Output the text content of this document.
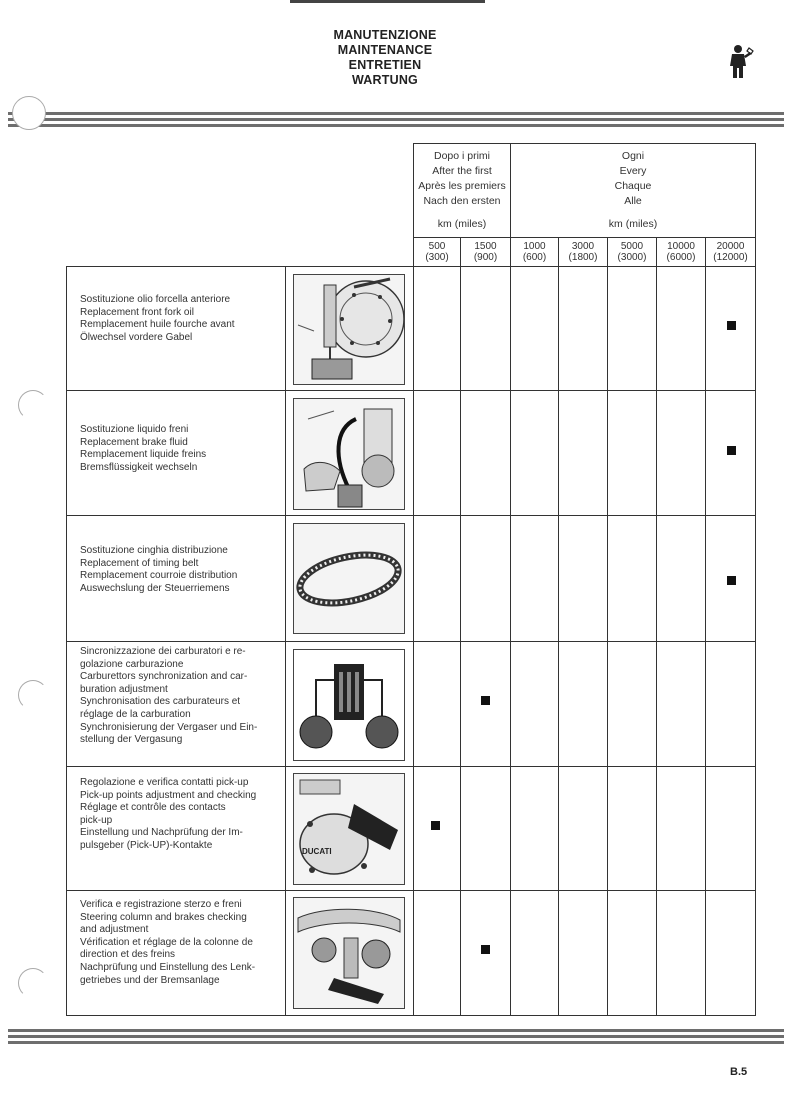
MANUTENZIONE
MAINTENANCE
ENTRETIEN
WARTUNG
Dopo i primi
After the first
Après les premiers
Nach den ersten
km (miles)
Ogni
Every
Chaque
Alle
km (miles)
500
(300)
1500
(900)
1000
(600)
3000
(1800)
5000
(3000)
10000
(6000)
20000
(12000)

Sostituzione olio forcella anteriore

Replacement front fork oil

Remplacement huile fourche avant

Ölwechsel vordere Gabel

Sostituzione liquido freni

Replacement brake fluid

Remplacement liquide freins

Bremsflüssigkeit wechseln

Sostituzione cinghia distribuzione

Replacement of timing belt

Remplacement courroie distribution

Auswechslung der Steuerriemens

Sincronizzazione dei carburatori e re-

golazione carburazione

Carburettors synchronization and car-

buration adjustment

Synchronisation des carburateurs et

réglage de la carburation

Synchronisierung der Vergaser und Ein-

stellung der Vergasung

Regolazione e verifica contatti pick-up

Pick-up points adjustment and checking

Réglage et contrôle des contacts

pick-up

Einstellung und Nachprüfung der Im-

pulsgeber (Pick-UP)-Kontakte

DUCATI

Verifica e registrazione sterzo e freni

Steering column and brakes checking

and adjustment

Vérification et réglage de la colonne de

direction et des freins

Nachprüfung und Einstellung des Lenk-

getriebes und der Bremsanlage

B.5
